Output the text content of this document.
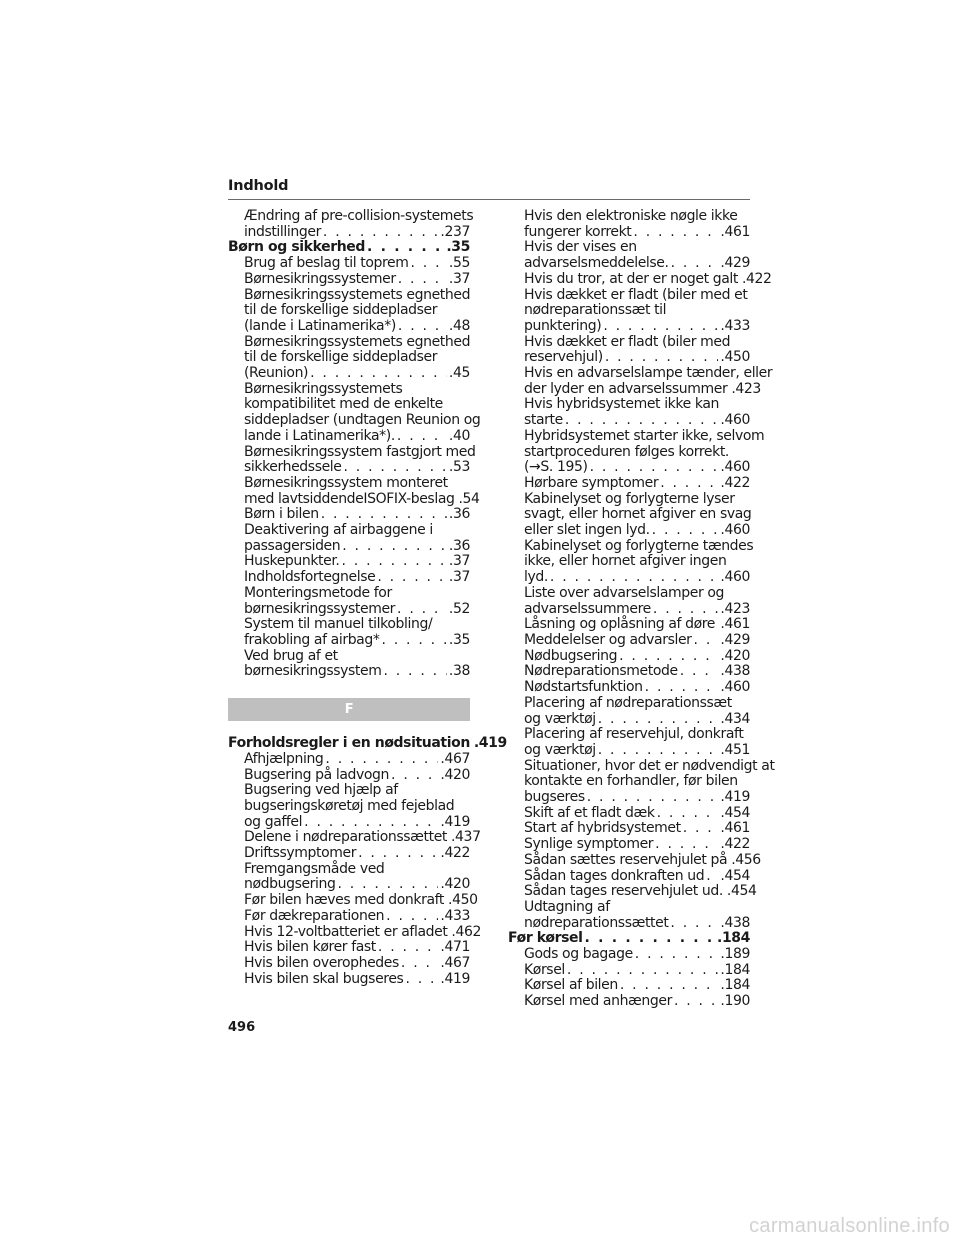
Indhold
Ændring af pre-collision-systemets
indstillinger . . .	.237
Børn og sikkerhed . . .	.35
Brug af beslag til toprem . . .	.55
Børnesikringssystemer . . .	.37
Børnesikringssystemets egnethed
til de forskellige siddepladser
(lande i Latinamerika*) . . .	.48
Børnesikringssystemets egnethed
til de forskellige siddepladser
(Reunion) . . .	.45
Børnesikringssystemets
kompatibilitet med de enkelte
siddepladser (undtagen Reunion og
lande i Latinamerika*). . . .	.40
Børnesikringssystem fastgjort med
sikkerhedssele . . .	.53
Børnesikringssystem monteret
med lavtsiddendeISOFIX-beslag .54
Børn i bilen . . .	.36
Deaktivering af airbaggene i
passagersiden . . .	.36
Huskepunkter. . . .	.37
Indholdsfortegnelse . . .	.37
Monteringsmetode for
børnesikringssystemer . . .	.52
System til manuel tilkobling/
frakobling af airbag* . . .	.35
Ved brug af et
børnesikringssystem . . .	.38
F
Forholdsregler i en nødsituation .419
Afhjælpning . . .	.467
Bugsering på ladvogn . . .	.420
Bugsering ved hjælp af
bugseringskøretøj med fejeblad
og gaffel . . .	.419
Delene i nødreparationssættet .437
Driftssymptomer . . .	.422
Fremgangsmåde ved
nødbugsering . . .	.420
Før bilen hæves med donkraft .450
Før dækreparationen . . .	.433
Hvis 12-voltbatteriet er afladet .462
Hvis bilen kører fast . . .	.471
Hvis bilen overophedes . . .	.467
Hvis bilen skal bugseres . . .	.419
Hvis den elektroniske nøgle ikke
fungerer korrekt . . .	.461
Hvis der vises en
advarselsmeddelelse. . . .	.429
Hvis du tror, at der er noget galt .422
Hvis dækket er fladt (biler med et
nødreparationssæt til
punktering) . . .	.433
Hvis dækket er fladt (biler med
reservehjul) . . .	.450
Hvis en advarselslampe tænder, eller
der lyder en advarselssummer .423
Hvis hybridsystemet ikke kan
starte . . .	.460
Hybridsystemet starter ikke, selvom
startproceduren følges korrekt.
(→S. 195) . . .	.460
Hørbare symptomer . . .	.422
Kabinelyset og forlygterne lyser
svagt, eller hornet afgiver en svag
eller slet ingen lyd. . . .	.460
Kabinelyset og forlygterne tændes
ikke, eller hornet afgiver ingen
lyd. . . .	.460
Liste over advarselslamper og
advarselssummere . . .	.423
Låsning og oplåsning af døre . . . .461
Meddelelser og advarsler . . . .429
Nødbugsering . . .	.420
Nødreparationsmetode . . .	.438
Nødstartsfunktion . . .	.460
Placering af nødreparationssæt
og værktøj . . .	.434
Placering af reservehjul, donkraft
og værktøj . . .	.451
Situationer, hvor det er nødvendigt at
kontakte en forhandler, før bilen
bugseres . . .	.419
Skift af et fladt dæk . . .	.454
Start af hybridsystemet . . .	.461
Synlige symptomer . . .	.422
Sådan sættes reservehjulet på .456
Sådan tages donkraften ud . . . .454
Sådan tages reservehjulet ud. .454
Udtagning af
nødreparationssættet . . .	.438
Før kørsel . . .	.184
Gods og bagage . . .	.189
Kørsel . . .	.184
Kørsel af bilen . . .	.184
Kørsel med anhænger . . .	.190
496
carmanualsonline.info
